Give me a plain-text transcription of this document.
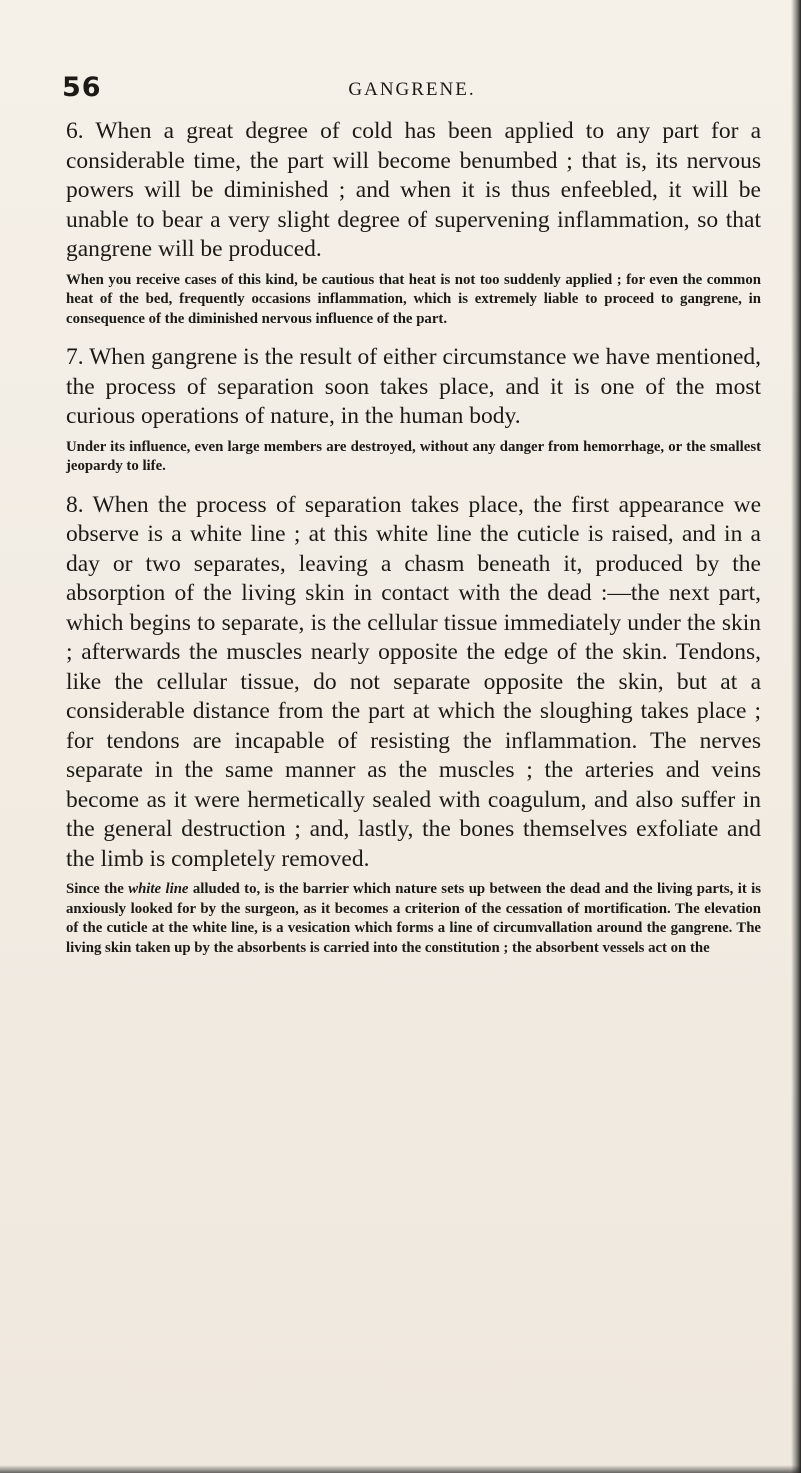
56	GANGRENE.

6. When a great degree of cold has been applied to any part for a considerable time, the part will become benumbed ; that is, its nervous powers will be diminished ; and when it is thus enfeebled, it will be unable to bear a very slight degree of supervening inflammation, so that gangrene will be produced.

When you receive cases of this kind, be cautious that heat is not too suddenly applied ; for even the common heat of the bed, frequently occasions inflammation, which is extremely liable to proceed to gangrene, in consequence of the diminished nervous influence of the part.

7. When gangrene is the result of either circumstance we have mentioned, the process of separation soon takes place, and it is one of the most curious operations of nature, in the human body.

Under its influence, even large members are destroyed, without any danger from hemorrhage, or the smallest jeopardy to life.

8. When the process of separation takes place, the first appearance we observe is a white line ; at this white line the cuticle is raised, and in a day or two separates, leaving a chasm beneath it, produced by the absorption of the living skin in contact with the dead :—the next part, which begins to separate, is the cellular tissue immediately under the skin ; afterwards the muscles nearly opposite the edge of the skin. Tendons, like the cellular tissue, do not separate opposite the skin, but at a considerable distance from the part at which the sloughing takes place ; for tendons are incapable of resisting the inflammation. The nerves separate in the same manner as the muscles ; the arteries and veins become as it were hermetically sealed with coagulum, and also suffer in the general destruction ; and, lastly, the bones themselves exfoliate and the limb is completely removed.

Since the white line alluded to, is the barrier which nature sets up between the dead and the living parts, it is anxiously looked for by the surgeon, as it becomes a criterion of the cessation of mortification. The elevation of the cuticle at the white line, is a vesication which forms a line of circumvallation around the gangrene. The living skin taken up by the absorbents is carried into the constitution ; the absorbent vessels act on the
